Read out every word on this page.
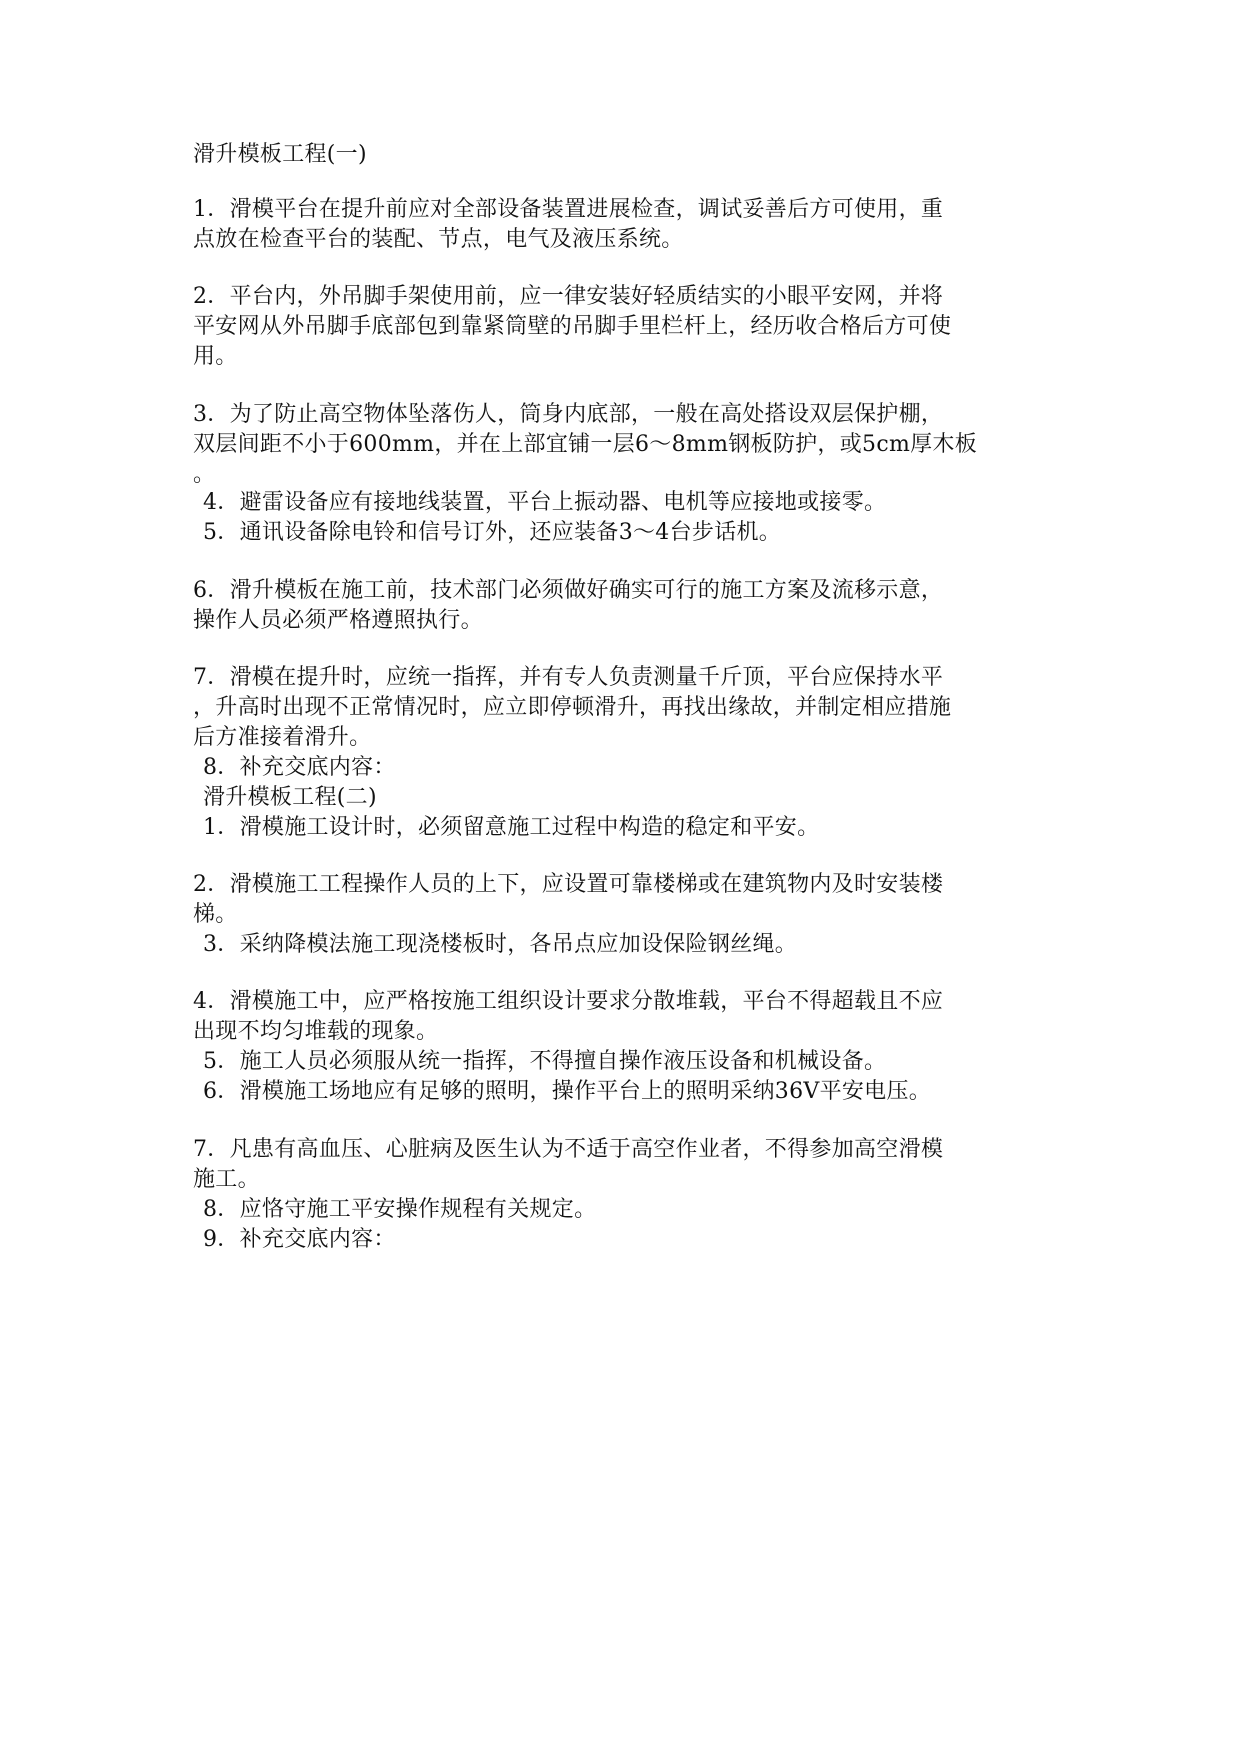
滑升模板工程(一)
1．滑模平台在提升前应对全部设备装置进展检查，调试妥善后方可使用，重
点放在检查平台的装配、节点，电气及液压系统。
2．平台内，外吊脚手架使用前，应一律安装好轻质结实的小眼平安网，并将
平安网从外吊脚手底部包到靠紧筒壁的吊脚手里栏杆上，经历收合格后方可使
用。
3．为了防止高空物体坠落伤人，筒身内底部，一般在高处搭设双层保护棚，
双层间距不小于600mm，并在上部宜铺一层6～8mm钢板防护，或5cm厚木板
。
4．避雷设备应有接地线装置，平台上振动器、电机等应接地或接零。
5．通讯设备除电铃和信号订外，还应装备3～4台步话机。
6．滑升模板在施工前，技术部门必须做好确实可行的施工方案及流移示意，
操作人员必须严格遵照执行。
7．滑模在提升时，应统一指挥，并有专人负责测量千斤顶，平台应保持水平
，升高时出现不正常情况时，应立即停顿滑升，再找出缘故，并制定相应措施
后方准接着滑升。
8．补充交底内容：
滑升模板工程(二)
1．滑模施工设计时，必须留意施工过程中构造的稳定和平安。
2．滑模施工工程操作人员的上下，应设置可靠楼梯或在建筑物内及时安装楼
梯。
3．采纳降模法施工现浇楼板时，各吊点应加设保险钢丝绳。
4．滑模施工中，应严格按施工组织设计要求分散堆载，平台不得超载且不应
出现不均匀堆载的现象。
5．施工人员必须服从统一指挥，不得擅自操作液压设备和机械设备。
6．滑模施工场地应有足够的照明，操作平台上的照明采纳36V平安电压。
7．凡患有高血压、心脏病及医生认为不适于高空作业者，不得参加高空滑模
施工。
8．应恪守施工平安操作规程有关规定。
9．补充交底内容：
